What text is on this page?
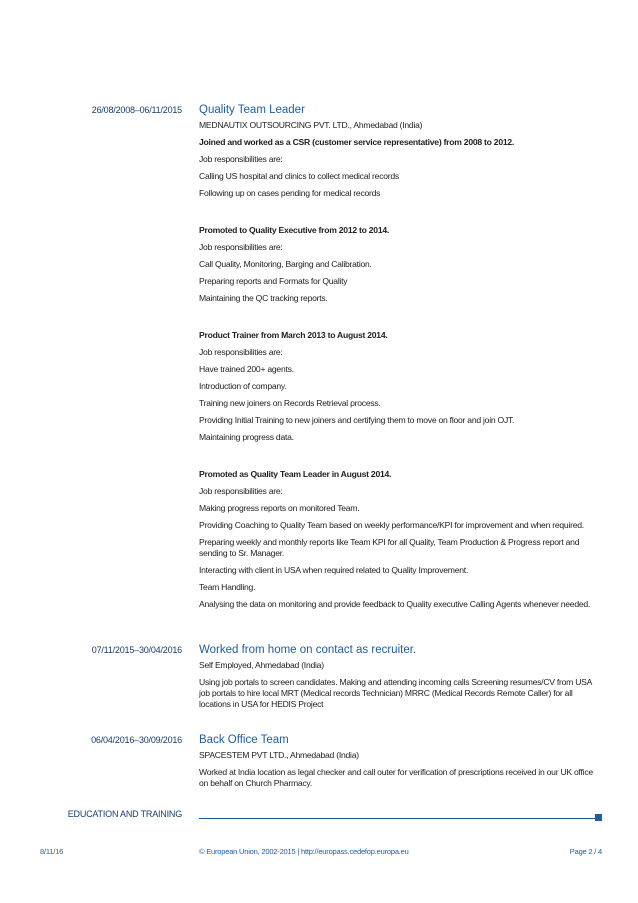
26/08/2008–06/11/2015 Quality Team Leader
MEDNAUTIX OUTSOURCING PVT. LTD., Ahmedabad (India)
Joined and worked as a CSR (customer service representative) from 2008 to 2012.
Job responsibilities are:
Calling US hospital and clinics to collect medical records
Following up on cases pending for medical records
Promoted to Quality Executive from 2012 to 2014.
Job responsibilities are:
Call Quality, Monitoring, Barging and Calibration.
Preparing reports and Formats for Quality
Maintaining the QC tracking reports.
Product Trainer from March 2013 to August 2014.
Job responsibilities are:
Have trained 200+ agents.
Introduction of company.
Training new joiners on Records Retrieval process.
Providing Initial Training to new joiners and certifying them to move on floor and join OJT.
Maintaining progress data.
Promoted as Quality Team Leader in August 2014.
Job responsibilities are:
Making progress reports on monitored Team.
Providing Coaching to Quality Team based on weekly performance/KPI for improvement and when required.
Preparing weekly and monthly reports like Team KPI for all Quality, Team Production & Progress report and sending to Sr. Manager.
Interacting with client in USA when required related to Quality Improvement.
Team Handling.
Analysing the data on monitoring and provide feedback to Quality executive Calling Agents whenever needed.
07/11/2015–30/04/2016 Worked from home on contact as recruiter.
Self Employed, Ahmedabad (India)
Using job portals to screen candidates. Making and attending incoming calls Screening resumes/CV from USA job portals to hire local MRT (Medical records Technician) MRRC (Medical Records Remote Caller) for all locations in USA for HEDIS Project
06/04/2016–30/09/2016 Back Office Team
SPACESTEM PVT LTD., Ahmedabad (India)
Worked at India location as legal checker and call outer for verification of prescriptions received in our UK office on behalf on Church Pharmacy.
EDUCATION AND TRAINING
8/11/16	© European Union, 2002-2015 | http://europass.cedefop.europa.eu	Page 2 / 4
